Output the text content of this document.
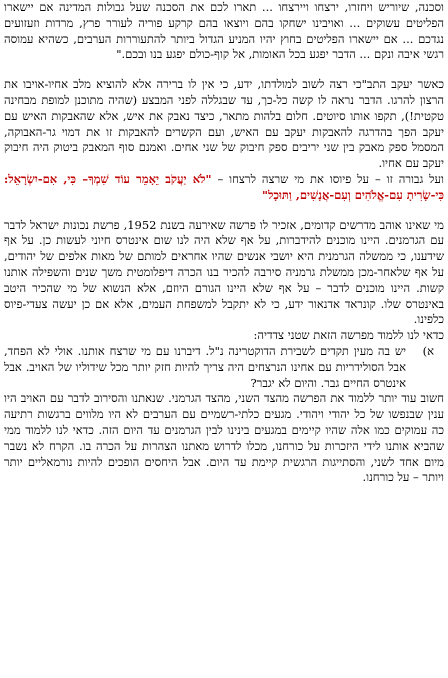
וסכנה, שיוריש ויחזרו, ירצחו ויירצחו ... תארו לכם את הסכנה שעל גבולות המדינה אם יישארו הפליטים עשוקים ... ואויבינו ישחקו בהם ויוצאו בהם קרקע פוריה לעורר פרץ, מרדות וזעזועים נגדכם ... אם יישארו הפליטים בחוץ יהיו המניע הגדול ביותר להתעוררות הערבים, כשהיא עמוסה רגשי איבה ונקם ... הדבר יפגע בכל האומות, אל קוף-כולם יפגע בנו ובכם."

כאשר יעקב התב"כי רצה לשוב למולדתו, ידע, כי אין לו ברירה אלא להוציא מלב אחיו-אויבו את הרצון להרגו. הדבר נראה לו קשה כל-כך, עד שבגללה לפני המבצע (שהיה מתוכנן למופת מבחינה טקטית!), תקפו אותו סיוטים. חלום בלהות מתאר, כיצד נאבק את איש, אלא שהאבקות האיש עם יעקב הפך בהדרגה להאבקות יעקב עם האיש, ועם הקשרים להאבקות זו את דמוי גר-האבוקה, המסמל ספק מאבק בין שני יריבים ספק חיבוק של שני אחים. ואמנם סוף המאבק ביטוק היה חיבוק יעקב עם אחיו.

ועל גבורה זו – על פיוסו את מי שרצה לרצחו – "לֹא יַעֲקֹב יֵאָמֵר עוֹד שִׁמְךָ– כִּי, אִם-יִשְׂרָאֵל: כִּי-שָׂרִיתָ עִם-אֱלֹהִים וְעִם-אֲנָשִׁים, וַתּוּכָל"

מי שאינו אוהב מדרשים קדומים, אזכיר לו פרשה שאירעה בשנת 1952, פרשת נכונות ישראל לדבר עם הגרמנים. היינו מוכנים להידברות, על אף שלא היה לנו שום אינטרס חיוני לעשות כן. על אף שידענו, כי ממשלה הגרמנית היא יושבי אנשים שהיו אחראים למותם של מאות אלפים של יהודים, על אף שלאחר-מכן ממשלת גרמניה סירבה להכיר בנו הכרה דיפלומטית משך שנים והשפילה אותנו קשות. היינו מוכנים לדבר – על אף שלא היינו הגורם היוזם, אלא הנשוא של מי שהכיר היטב באינטרס שלו. קונראד אדנאור ידע, כי לא יתקבל למשפחת העמים, אלא אם כן יעשה צעדי-פיוס כלפינו.

כדאי לנו ללמוד מפרשה הזאת שטני צדדיה:

א)
יש בה מעין תקדים לשבירת הדוקטרינה נ"ל. דיברנו עם מי שרצח אותנו. אולי לא הפחד, אבל הסולידריות עם אחינו הנרצחים היה צריך להיות חזק יותר מכל שידוליו של האויב. אבל אינטרס החיים גבר. והיום לא יגבר?

חשוב עוד יותר ללמוד את הפרשה מהצד השני, מהצד הגרמני. שנאתנו והסירוב לדבר עם האויב היו ענין שבנפשו של כל יהודי ויהודי. מגעים כלתי-רשמיים עם הערבים לא היו מלווים ברגשות רתיעה כה עמוקים כמו אלה שהיו קיימים במגעים בינינו לבין הגרמנים עד היום הזה. כדאי לנו ללמוד ממי שהביא אותנו לידי היזכרות על כורחנו, מכלו לדרוש מאתנו הצהרות על הכרה בו. הקרח לא נשבר מיום אחד לשני, והסתייגות הרגשית קיימת עד היום. אבל היחסים הופכים להיות נורמאליים יותר ויותר – על כורחנו.
